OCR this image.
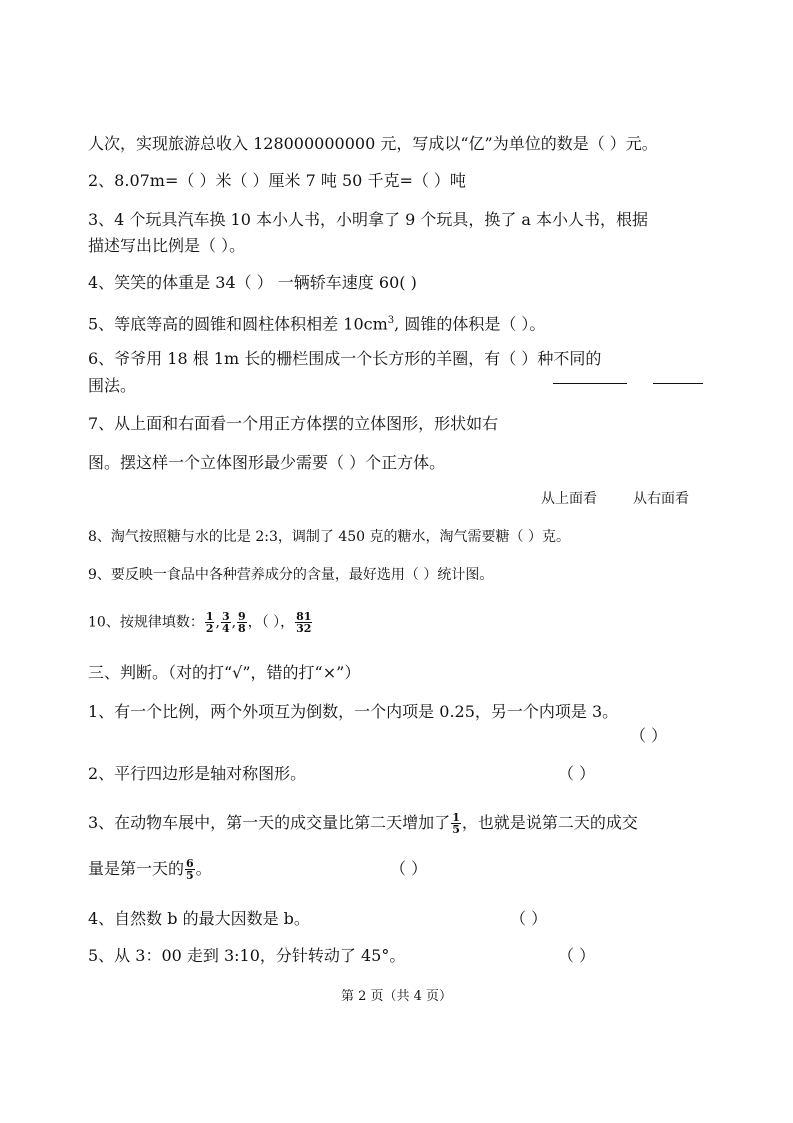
人次，实现旅游总收入 128000000000 元，写成以“亿”为单位的数是（ ）元。
2、8.07m=（ ）米（ ）厘米 7 吨 50 千克=（ ）吨
3、4 个玩具汽车换 10 本小人书，小明拿了 9 个玩具，换了 a 本小人书，根据
描述写出比例是（ ）。
4、笑笑的体重是 34（ ） 一辆轿车速度 60( )
5、等底等高的圆锥和圆柱体积相差 $10cm^3$, 圆锥的体积是（ ）。
6、爷爷用 18 根 1m 长的栅栏围成一个长方形的羊圈，有（ ）种不同的
围法。
7、从上面和右面看一个用正方体摆的立体图形，形状如右
图。摆这样一个立体图形最少需要（ ）个正方体。
从上面看	从右面看
8、淘气按照糖与水的比是 2:3，调制了 450 克的糖水，淘气需要糖（ ）克。
9、要反映一食品中各种营养成分的含量，最好选用（ ）统计图。
10、按规律填数： $\frac{1}{2}$ , $\frac{3}{4}$ , $\frac{9}{8}$ ，（ ）， $\frac{81}{32}$
三、判断。（对的打“√”，错的打“×”）
1、有一个比例，两个外项互为倒数，一个内项是 0.25，另一个内项是 3。
（ ）
2、平行四边形是轴对称图形。	（ ）
3、在动物车展中，第一天的成交量比第二天增加了 $\frac{1}{5}$ ，也就是说第二天的成交
量是第一天的 $\frac{6}{5}$ 。	（ ）
4、自然数 b 的最大因数是 b。	（ ）
5、从 3：00 走到 3:10，分针转动了 45°。	（ ）
第 2 页（共 4 页）
